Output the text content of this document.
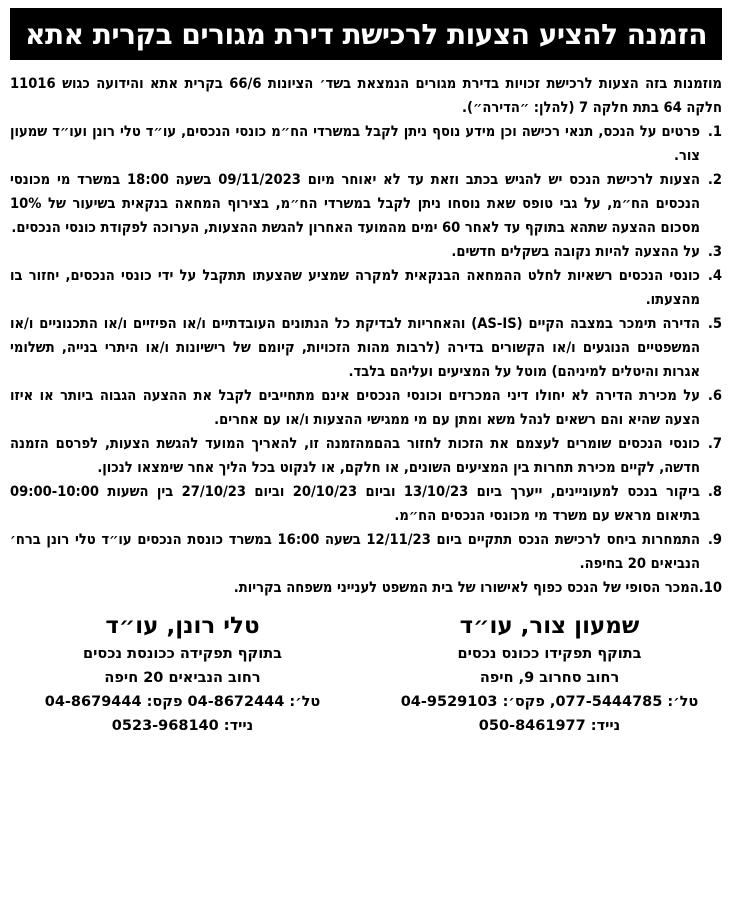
הזמנה להציע הצעות לרכישת דירת מגורים בקרית אתא
מוזמנות בזה הצעות לרכישת זכויות בדירת מגורים הנמצאת בשד׳ הציונות 66/6 בקרית אתא והידועה כגוש 11016 חלקה 64 בתת חלקה 7 (להלן: ״הדירה״).
1.
פרטים על הנכס, תנאי רכישה וכן מידע נוסף ניתן לקבל במשרדי הח״מ כונסי הנכסים, עו״ד טלי רונן ועו״ד שמעון צור.
2.
הצעות לרכישת הנכס יש להגיש בכתב וזאת עד לא יאוחר מיום 09/11/2023 בשעה 18:00 במשרד מי מכונסי הנכסים הח״מ, על גבי טופס שאת נוסחו ניתן לקבל במשרדי הח״מ, בצירוף המחאה בנקאית בשיעור של 10% מסכום ההצעה שתהא בתוקף עד לאחר 60 ימים מהמועד האחרון להגשת ההצעות, הערוכה לפקודת כונסי הנכסים.
3.
על ההצעה להיות נקובה בשקלים חדשים.
4.
כונסי הנכסים רשאיות לחלט ההמחאה הבנקאית למקרה שמציע שהצעתו תתקבל על ידי כונסי הנכסים, יחזור בו מהצעתו.
5.
הדירה תימכר במצבה הקיים (AS-IS) והאחריות לבדיקת כל הנתונים העובדתיים ו/או הפיזיים ו/או התכנוניים ו/או המשפטיים הנוגעים ו/או הקשורים בדירה (לרבות מהות הזכויות, קיומם של רישיונות ו/או היתרי בנייה, תשלומי אגרות והיטלים למיניהם) מוטל על המציעים ועליהם בלבד.
6.
על מכירת הדירה לא יחולו דיני המכרזים וכונסי הנכסים אינם מתחייבים לקבל את ההצעה הגבוה ביותר או איזו הצעה שהיא והם רשאים לנהל משא ומתן עם מי ממגישי ההצעות ו/או עם אחרים.
7.
כונסי הנכסים שומרים לעצמם את הזכות לחזור בהםמהזמנה זו, להאריך המועד להגשת הצעות, לפרסם הזמנה חדשה, לקיים מכירת תחרות בין המציעים השונים, או חלקם, או לנקוט בכל הליך אחר שימצאו לנכון.
8.
ביקור בנכס למעוניינים, ייערך ביום 13/10/23 וביום 20/10/23 וביום 27/10/23 בין השעות 09:00-10:00 בתיאום מראש עם משרד מי מכונסי הנכסים הח״מ.
9.
התמחרות ביחס לרכישת הנכס תתקיים ביום 12/11/23 בשעה 16:00 במשרד כונסת הנכסים עו״ד טלי רונן ברח׳ הנביאים 20 בחיפה.
10.
המכר הסופי של הנכס כפוף לאישורו של בית המשפט לענייני משפחה בקריות.
שמעון צור, עו״ד
בתוקף תפקידו ככונס נכסים
רחוב סחרוב 9, חיפה
טל׳: 077-5444785, פקס׳: 04-9529103
נייד: 050-8461977
טלי רונן, עו״ד
בתוקף תפקידה ככונסת נכסים
רחוב הנביאים 20 חיפה
טל׳: 04-8672444 פקס: 04-8679444
נייד: 0523-968140
